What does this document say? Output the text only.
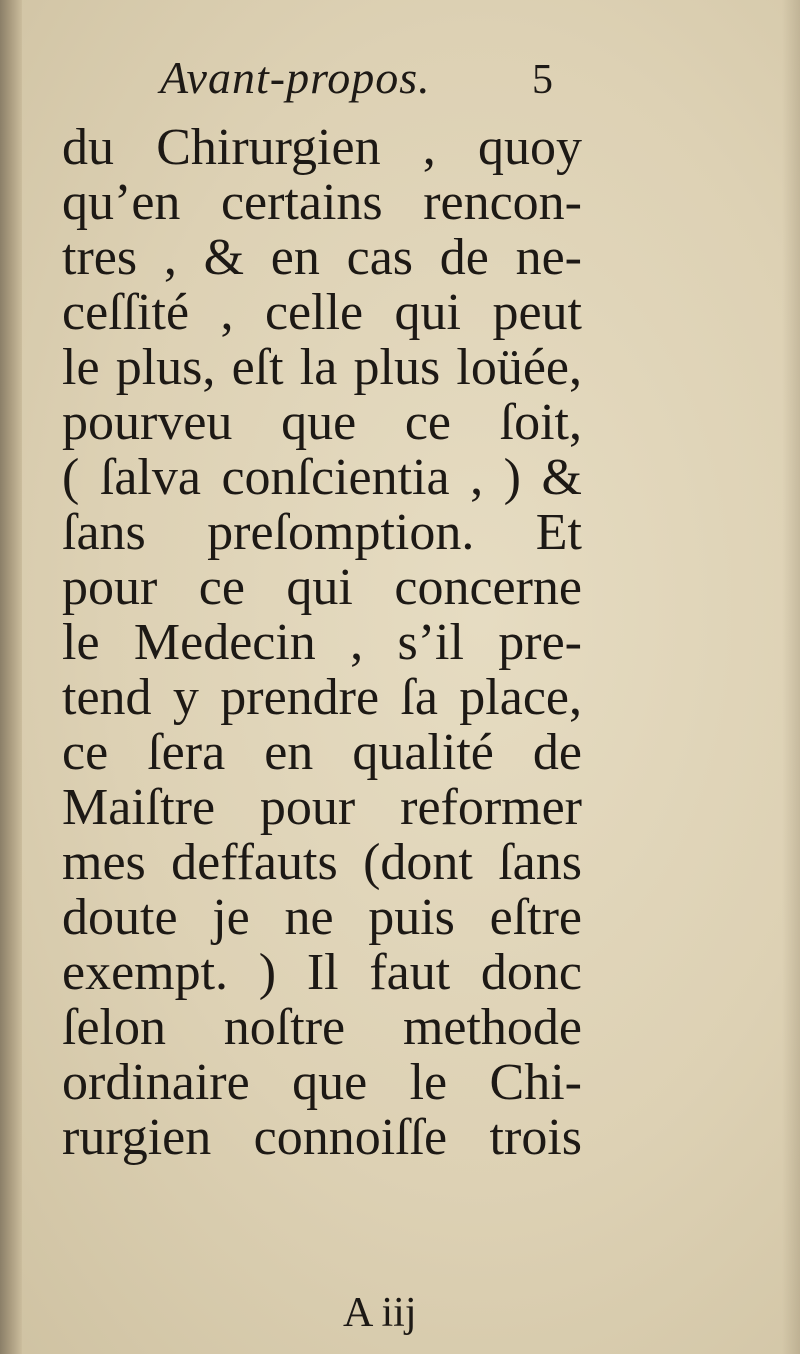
Avant-propos. 5
du Chirurgien , quoy
qu’en certains rencon-
tres , & en cas de ne-
ceſſité , celle qui peut
le plus, eſt la plus loüée,
pourveu que ce ſoit,
( ſalva conſcientia , ) &
ſans preſomption. Et
pour ce qui concerne
le Medecin , s’il pre-
tend y prendre ſa place,
ce ſera en qualité de
Maiſtre pour reformer
mes deffauts (dont ſans
doute je ne puis eſtre
exempt. ) Il faut donc
ſelon noſtre methode
ordinaire que le Chi-
rurgien connoiſſe trois
A iij
